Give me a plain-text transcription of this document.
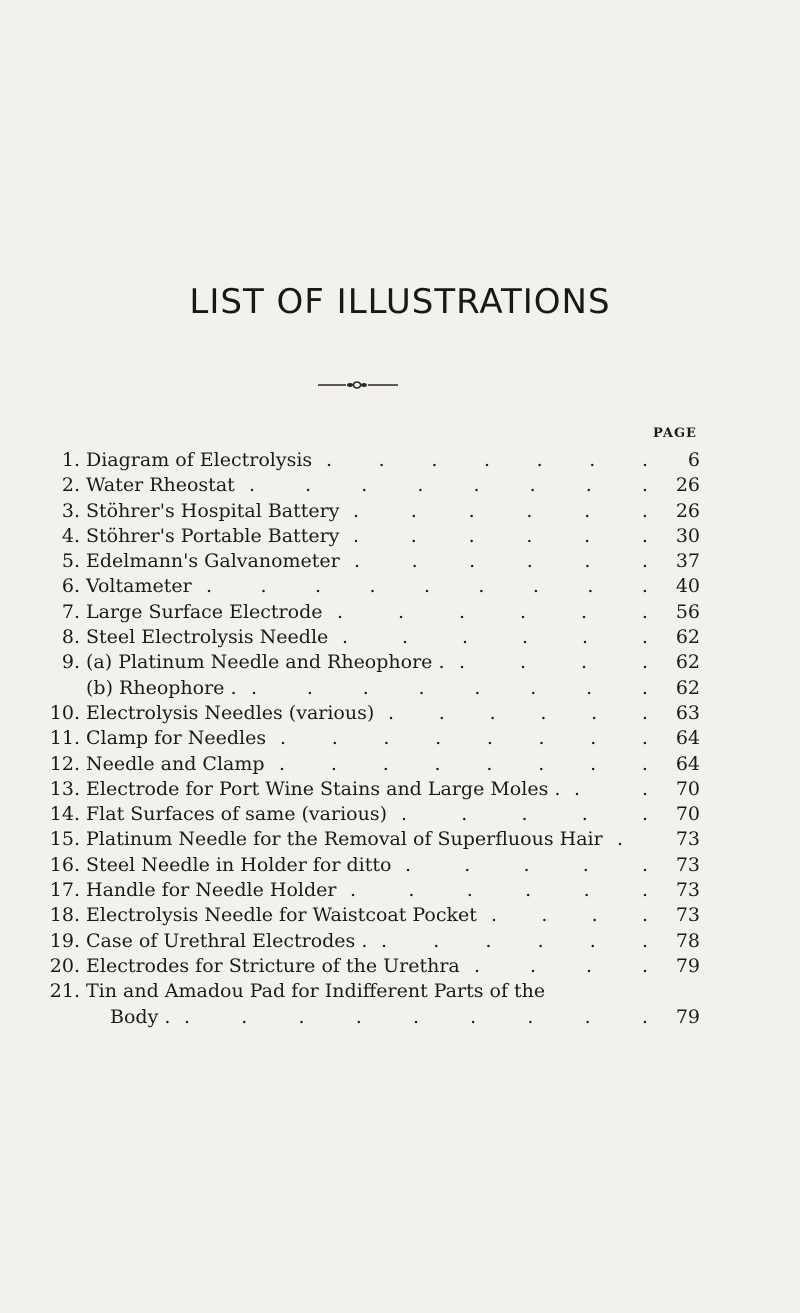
LIST OF ILLUSTRATIONS
PAGE
1. Diagram of Electrolysis	6
. . . . . . .
2. Water Rheostat	26
.	.	.	.	.	.	.	.
3. Stöhrer's Hospital Battery	26
.	.	.	.	.	.
4. Stöhrer's Portable Battery	30
.	.	.	.	.	.
5. Edelmann's Galvanometer	37
.	.	.	.	.	.
6. Voltameter	40
.	.	.	.	.	.	.	.	.
7. Large Surface Electrode	56
.	.	.	.	.	.
8. Steel Electrolysis Needle	62
.	.	.	.	.	.
9. (a) Platinum Needle and Rheophore .	62
.	.	.	.
(b) Rheophore .	62
.	.	.	.	.	.	.	.
10. Electrolysis Needles (various)	63
. . . . . .
11. Clamp for Needles	64
. . . . . . . .
12. Needle and Clamp	64
. . . . . . . .
13. Electrode for Port Wine Stains and Large Moles .	70
.	.
14. Flat Surfaces of same (various)	70
.	.	.	.	.
15. Platinum Needle for the Removal of Superfluous Hair	73
.
16. Steel Needle in Holder for ditto	73
.	.	.	.	.
17. Handle for Needle Holder	73
.	.	.	.	.	.
18. Electrolysis Needle for Waistcoat Pocket	73
. . . .
19. Case of Urethral Electrodes .	78
. . . . . .
20. Electrodes for Stricture of the Urethra	79
.	.	.	.
21. Tin and Amadou Pad for Indifferent Parts of the
Body .	79
.	.	.	.	.	.	.	.	.
